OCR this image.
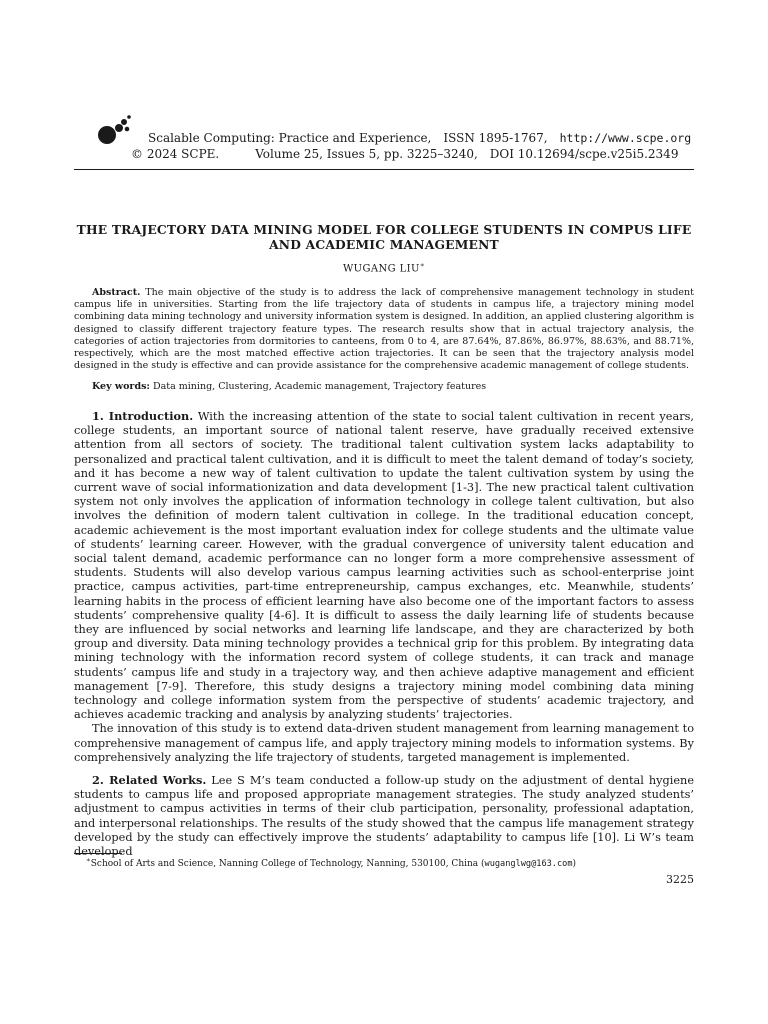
Scalable Computing: Practice and Experience, ISSN 1895-1767, http://www.scpe.org
© 2024 SCPE.	Volume 25, Issues 5, pp. 3225–3240, DOI 10.12694/scpe.v25i5.2349
THE TRAJECTORY DATA MINING MODEL FOR COLLEGE STUDENTS IN COMPUS LIFE AND ACADEMIC MANAGEMENT
WUGANG LIU∗
Abstract. The main objective of the study is to address the lack of comprehensive management technology in student campus life in universities. Starting from the life trajectory data of students in campus life, a trajectory mining model combining data mining technology and university information system is designed. In addition, an applied clustering algorithm is designed to classify different trajectory feature types. The research results show that in actual trajectory analysis, the categories of action trajectories from dormitories to canteens, from 0 to 4, are 87.64%, 87.86%, 86.97%, 88.63%, and 88.71%, respectively, which are the most matched effective action trajectories. It can be seen that the trajectory analysis model designed in the study is effective and can provide assistance for the comprehensive academic management of college students.
Key words: Data mining, Clustering, Academic management, Trajectory features

1. Introduction. With the increasing attention of the state to social talent cultivation in recent years, college students, an important source of national talent reserve, have gradually received extensive attention from all sectors of society. The traditional talent cultivation system lacks adaptability to personalized and practical talent cultivation, and it is difficult to meet the talent demand of today’s society, and it has become a new way of talent cultivation to update the talent cultivation system by using the current wave of social informationization and data development [1-3]. The new practical talent cultivation system not only involves the application of information technology in college talent cultivation, but also involves the definition of modern talent cultivation in college. In the traditional education concept, academic achievement is the most important evaluation index for college students and the ultimate value of students’ learning career. However, with the gradual convergence of university talent education and social talent demand, academic performance can no longer form a more comprehensive assessment of students. Students will also develop various campus learning activities such as school-enterprise joint practice, campus activities, part-time entrepreneurship, campus exchanges, etc. Meanwhile, students’ learning habits in the process of efficient learning have also become one of the important factors to assess students’ comprehensive quality [4-6]. It is difficult to assess the daily learning life of students because they are influenced by social networks and learning life landscape, and they are characterized by both group and diversity. Data mining technology provides a technical grip for this problem. By integrating data mining technology with the information record system of college students, it can track and manage students’ campus life and study in a trajectory way, and then achieve adaptive management and efficient management [7-9]. Therefore, this study designs a trajectory mining model combining data mining technology and college information system from the perspective of students’ academic trajectory, and achieves academic tracking and analysis by analyzing students’ trajectories.

The innovation of this study is to extend data-driven student management from learning management to comprehensive management of campus life, and apply trajectory mining models to information systems. By comprehensively analyzing the life trajectory of students, targeted management is implemented.

2. Related Works. Lee S M’s team conducted a follow-up study on the adjustment of dental hygiene students to campus life and proposed appropriate management strategies. The study analyzed students’ adjustment to campus activities in terms of their club participation, personality, professional adaptation, and interpersonal relationships. The results of the study showed that the campus life management strategy developed by the study can effectively improve the students’ adaptability to campus life [10]. Li W’s team developed

∗School of Arts and Science, Nanning College of Technology, Nanning, 530100, China (wuganglwg@163.com)
3225
